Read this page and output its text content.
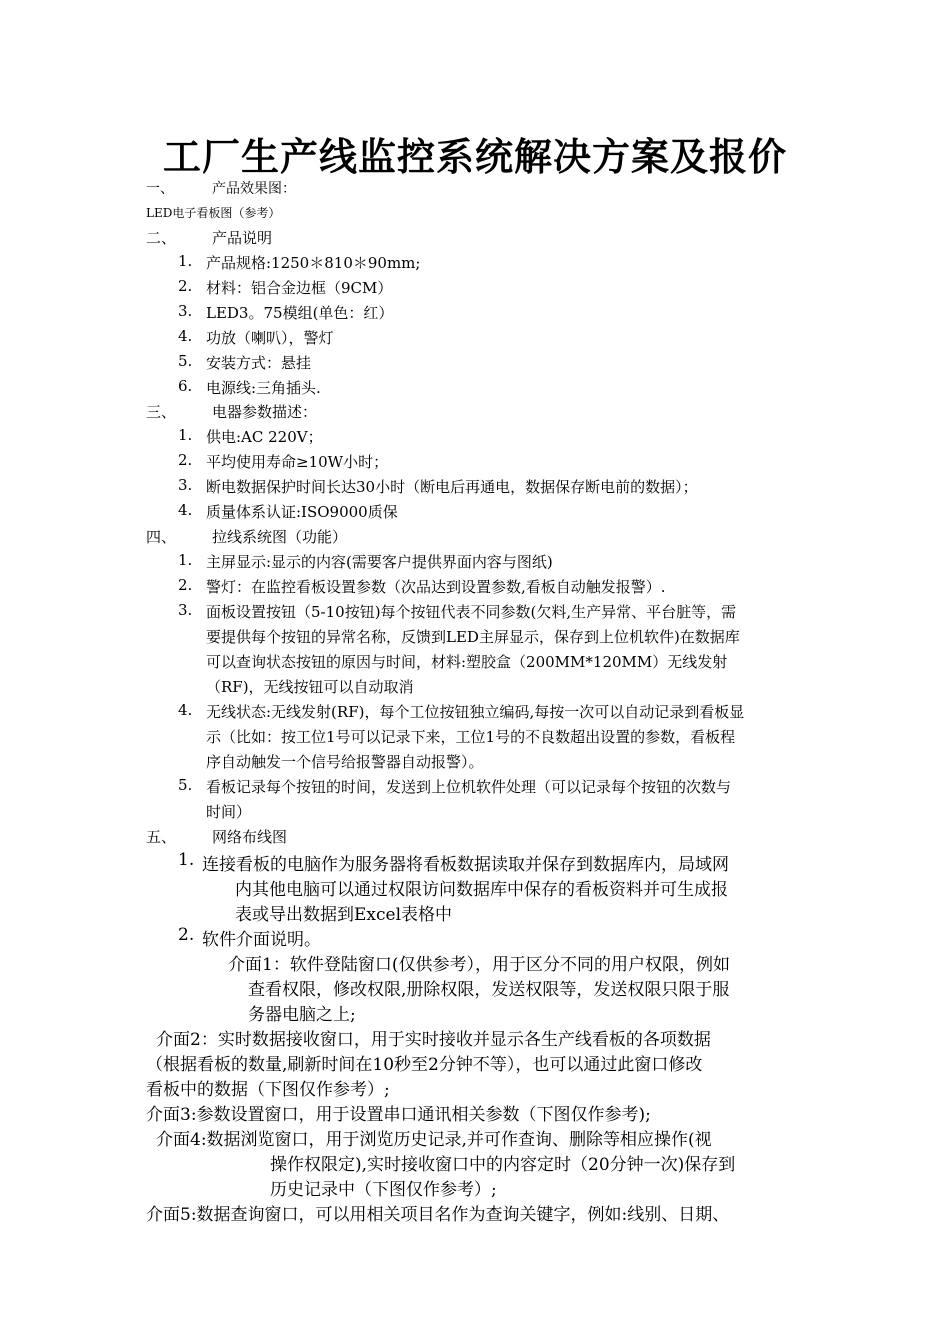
工厂生产线监控系统解决方案及报价
一、	产品效果图：
LED电子看板图（参考）
二、 产品说明
1. 产品规格:1250＊810＊90mm;
2. 材料：铝合金边框（9CM）
3. LED3。75模组(单色：红）
4. 功放（喇叭），警灯
5. 安装方式：悬挂
6. 电源线:三角插头.
三、 电器参数描述：
1. 供电:AC 220V；
2. 平均使用寿命≥10W小时；
3. 断电数据保护时间长达30小时（断电后再通电，数据保存断电前的数据）；
4. 质量体系认证:ISO9000质保
四、 拉线系统图（功能）
1. 主屏显示:显示的内容(需要客户提供界面内容与图纸)
2. 警灯：在监控看板设置参数（次品达到设置参数,看板自动触发报警）.
3. 面板设置按钮（5-10按钮)每个按钮代表不同参数(欠料,生产异常、平台脏等，需
要提供每个按钮的异常名称，反馈到LED主屏显示，保存到上位机软件)在数据库
可以查询状态按钮的原因与时间，材料:塑胶盒（200MM*120MM）无线发射
（RF)，无线按钮可以自动取消
4. 无线状态:无线发射(RF)，每个工位按钮独立编码,每按一次可以自动记录到看板显
示（比如：按工位1号可以记录下来，工位1号的不良数超出设置的参数，看板程
序自动触发一个信号给报警器自动报警）。
5. 看板记录每个按钮的时间，发送到上位机软件处理（可以记录每个按钮的次数与
时间）
五、 网络布线图
1. 连接看板的电脑作为服务器将看板数据读取并保存到数据库内，局域网
内其他电脑可以通过权限访问数据库中保存的看板资料并可生成报
表或导出数据到Excel表格中
2. 软件介面说明。
介面1：软件登陆窗口(仅供参考），用于区分不同的用户权限，例如
查看权限，修改权限,册除权限，发送权限等，发送权限只限于服
务器电脑之上;
介面2：实时数据接收窗口，用于实时接收并显示各生产线看板的各项数据
（根据看板的数量,刷新时间在10秒至2分钟不等），也可以通过此窗口修改
看板中的数据（下图仅作参考）;
介面3:参数设置窗口，用于设置串口通讯相关参数（下图仅作参考);
介面4:数据浏览窗口，用于浏览历史记录,并可作查询、删除等相应操作(视
操作权限定),实时接收窗口中的内容定时（20分钟一次)保存到
历史记录中（下图仅作参考）;
介面5:数据查询窗口，可以用相关项目名作为查询关键字，例如:线别、日期、
